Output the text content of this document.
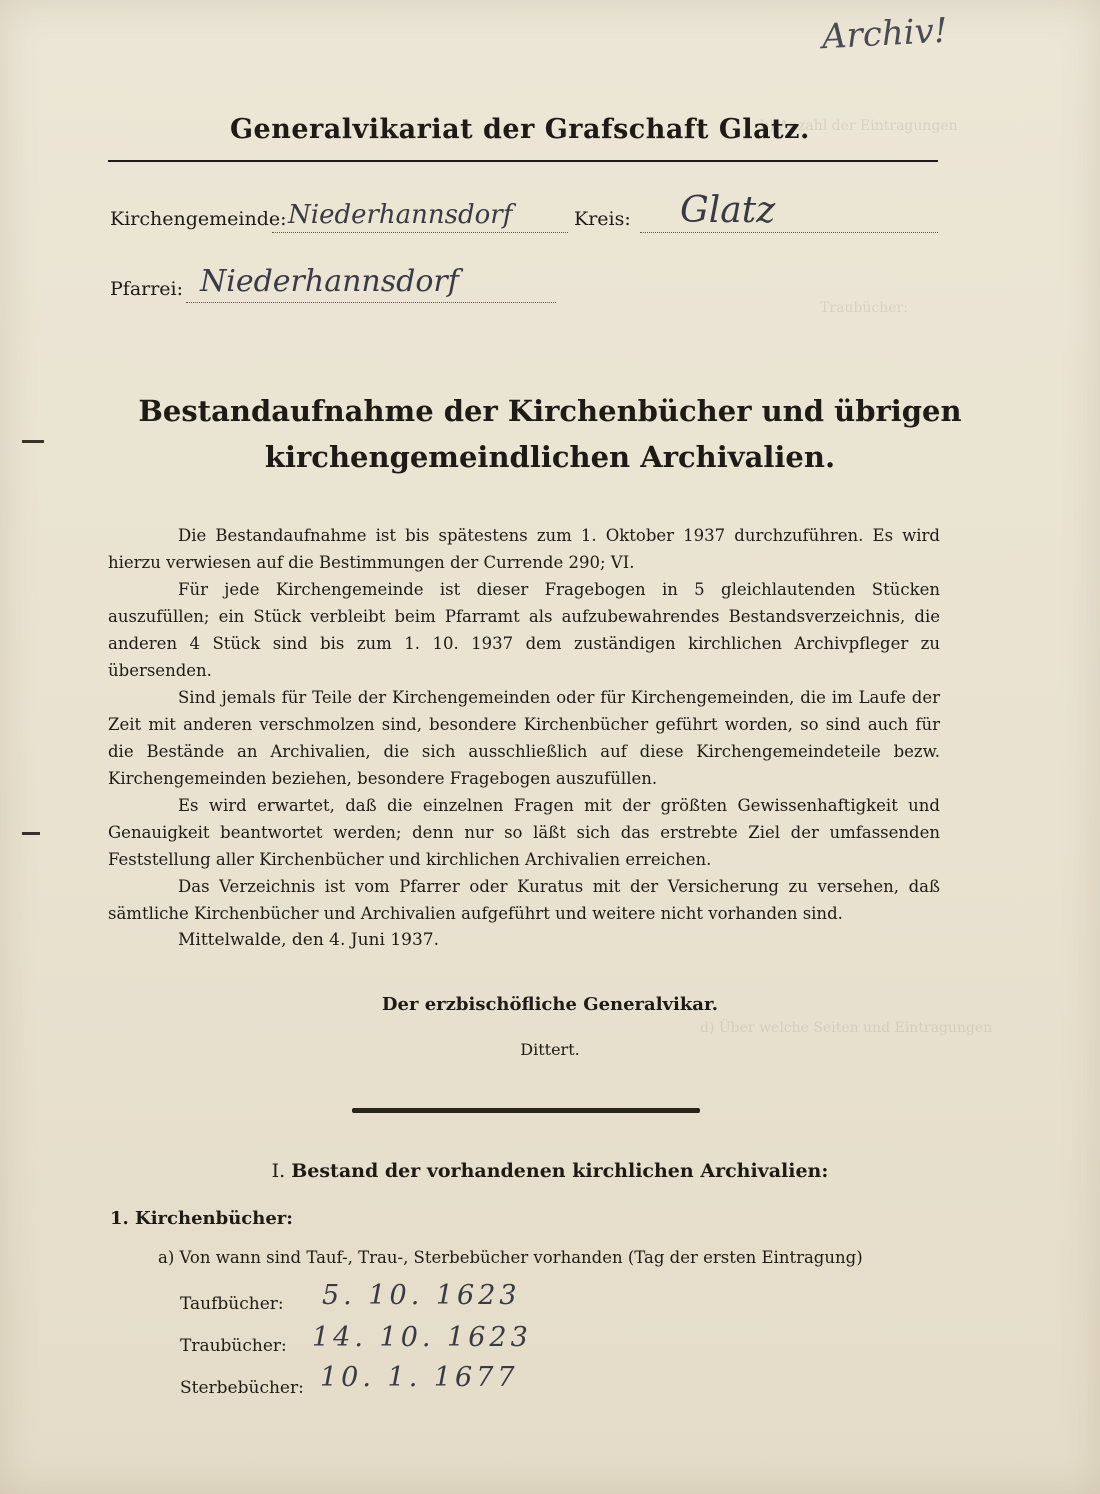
b) Anzahl der Eintragungen
Traubücher:
d) Über welche Seiten und Eintragungen
Archiv!
Generalvikariat der Grafschaft Glatz.
Kirchengemeinde: Niederhannsdorf	Kreis: Glatz
Pfarrei: Niederhannsdorf
Bestandaufnahme der Kirchenbücher und übrigen
kirchengemeindlichen Archivalien.

Die Bestandaufnahme ist bis spätestens zum 1. Oktober 1937 durchzuführen. Es wird hierzu verwiesen auf die Bestimmungen der Currende 290; VI.

Für jede Kirchengemeinde ist dieser Fragebogen in 5 gleichlautenden Stücken auszufüllen; ein Stück verbleibt beim Pfarramt als aufzubewahrendes Bestandsverzeichnis, die anderen 4 Stück sind bis zum 1. 10. 1937 dem zuständigen kirchlichen Archivpfleger zu übersenden.

Sind jemals für Teile der Kirchengemeinden oder für Kirchengemeinden, die im Laufe der Zeit mit anderen verschmolzen sind, besondere Kirchenbücher geführt worden, so sind auch für die Bestände an Archivalien, die sich ausschließlich auf diese Kirchengemeindeteile bezw. Kirchengemeinden beziehen, besondere Fragebogen auszufüllen.

Es wird erwartet, daß die einzelnen Fragen mit der größten Gewissenhaftigkeit und Genauigkeit beantwortet werden; denn nur so läßt sich das erstrebte Ziel der umfassenden Feststellung aller Kirchenbücher und kirchlichen Archivalien erreichen.

Das Verzeichnis ist vom Pfarrer oder Kuratus mit der Versicherung zu versehen, daß sämtliche Kirchenbücher und Archivalien aufgeführt und weitere nicht vorhanden sind.

Mittelwalde, den 4. Juni 1937.
Der erzbischöfliche Generalvikar.
Dittert.
I. Bestand der vorhandenen kirchlichen Archivalien:
1. Kirchenbücher:
a) Von wann sind Tauf-, Trau-, Sterbebücher vorhanden (Tag der ersten Eintragung)
Taufbücher: 5. 10. 1623
Traubücher: 14. 10. 1623
Sterbebücher: 10. 1. 1677
